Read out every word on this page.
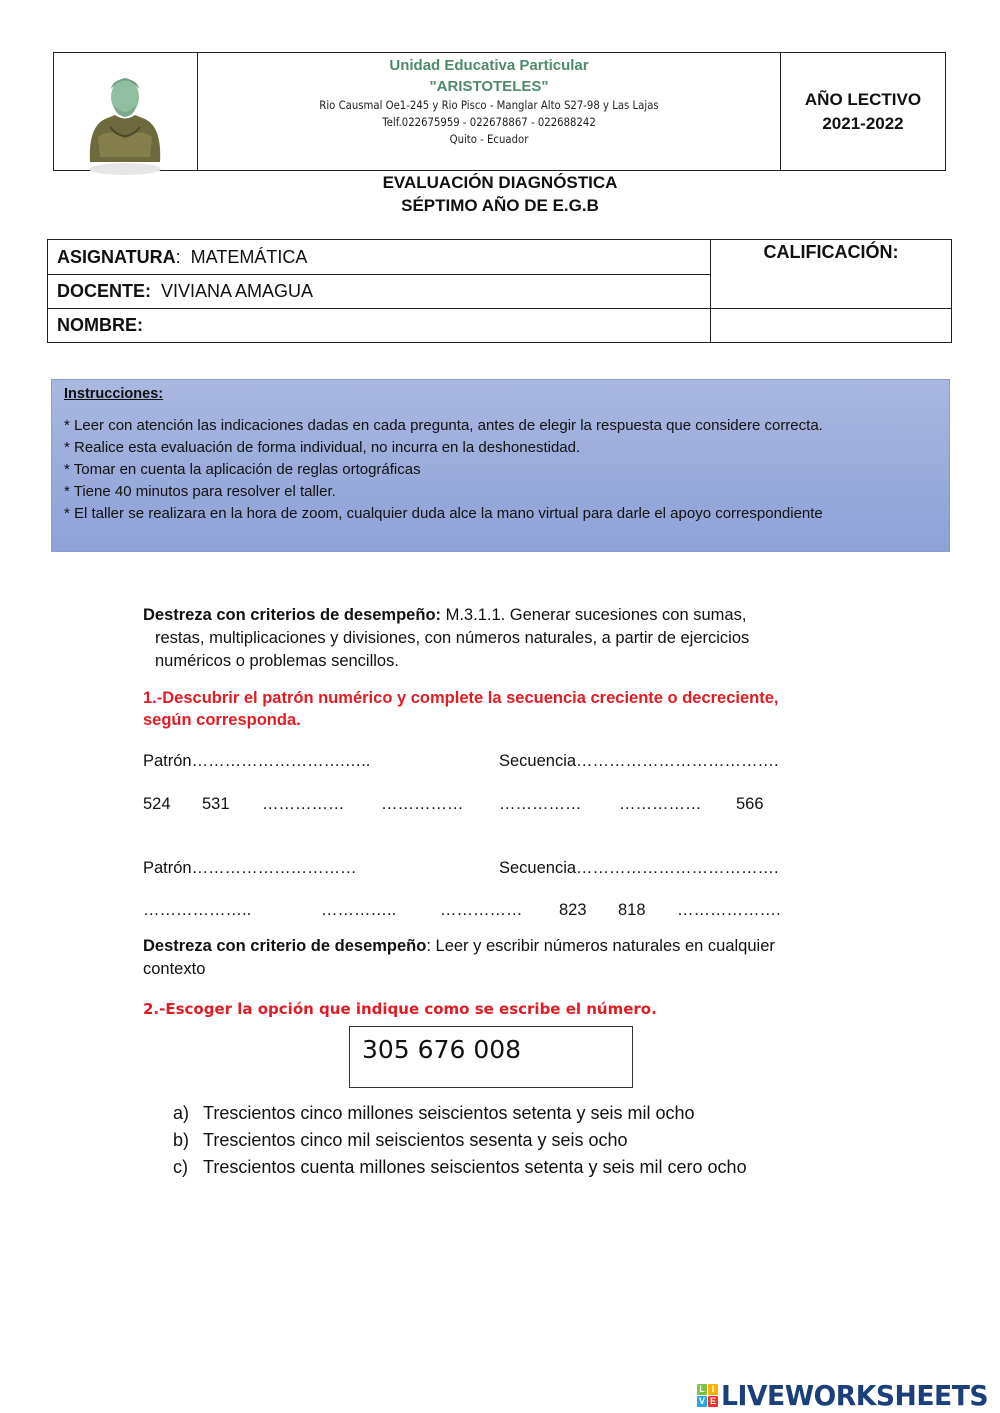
Unidad Educativa Particular
"ARISTOTELES"
Rio Causmal Oe1-245 y Rio Pisco - Manglar Alto S27-98 y Las Lajas
Telf.022675959 - 022678867 - 022688242
Quito - Ecuador
AÑO LECTIVO
2021-2022
EVALUACIÓN DIAGNÓSTICA
SÉPTIMO AÑO DE E.G.B
ASIGNATURA :  MATEMÁTICA
DOCENTE: VIVIANA AMAGUA
NOMBRE:
CALIFICACIÓN:
Instrucciones:
* Leer con atención las indicaciones dadas en cada pregunta, antes de elegir la respuesta que considere correcta.
* Realice esta evaluación de forma individual, no incurra en la deshonestidad.
* Tomar en cuenta la aplicación de reglas ortográficas
* Tiene 40 minutos para resolver el taller.
* El taller se realizara en la hora de zoom, cualquier duda alce la mano virtual para darle el apoyo correspondiente
Destreza con criterios de desempeño: M.3.1.1. Generar sucesiones con sumas,
restas, multiplicaciones y divisiones, con números naturales, a partir de ejercicios
numéricos o problemas sencillos.
1.-Descubrir el patrón numérico y complete la secuencia creciente o decreciente,
según corresponda.
Patrón……………………….…..	Secuencia……………………………….
524 531 …………… …………… …………… …………… 566
Patrón…………………………	Secuencia……………………………….
………………..	…………..	…………… 823 818 ……………….
Destreza con criterio de desempeño: Leer y escribir números naturales en cualquier
contexto
2.-Escoger la opción que indique como se escribe el número.
305 676 008
a) Trescientos cinco millones seiscientos setenta y seis mil ocho
b) Trescientos cinco mil seiscientos sesenta y seis ocho
c) Trescientos cuenta millones seiscientos setenta y seis mil cero ocho
L I
V E LIVEWORKSHEETS
